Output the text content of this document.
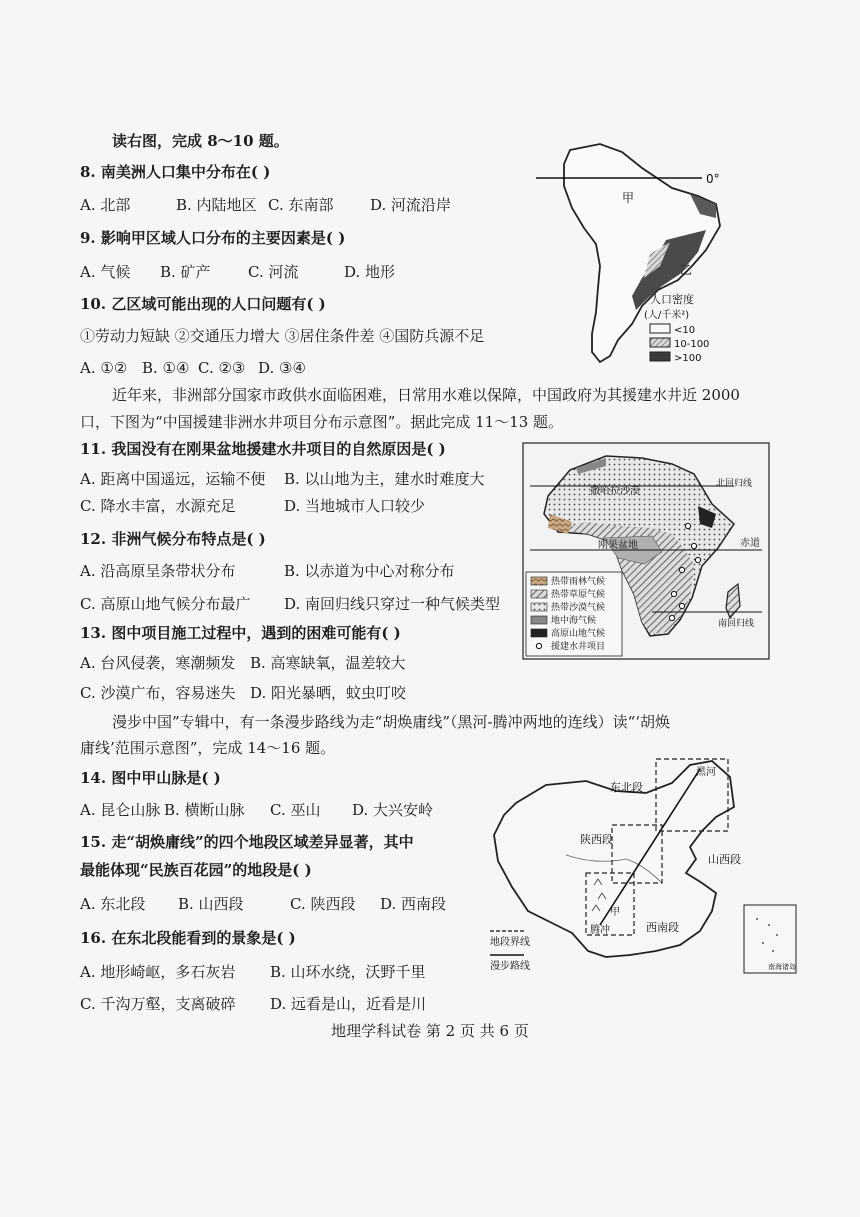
读右图，完成 8～10 题。
8. 南美洲人口集中分布在( )
A. 北部	B. 内陆地区 C. 东南部 D. 河流沿岸
9. 影响甲区域人口分布的主要因素是( )
A. 气候 B. 矿产 C. 河流	D. 地形
10. 乙区域可能出现的人口问题有( )
①劳动力短缺 ②交通压力增大 ③居住条件差 ④国防兵源不足
A. ①② B. ①④ C. ②③ D. ③④
0°
甲
乙
人口密度
(人/千米²)
<10
10-100
>100
近年来，非洲部分国家市政供水面临困难，日常用水难以保障，中国政府为其援建水井近 2000
口，下图为“中国援建非洲水井项目分布示意图”。据此完成 11～13 题。
11. 我国没有在刚果盆地援建水井项目的自然原因是( )
A. 距离中国遥远，运输不便 B. 以山地为主，建水时难度大
C. 降水丰富，水源充足	D. 当地城市人口较少
12. 非洲气候分布特点是( )
A. 沿高原呈条带状分布	B. 以赤道为中心对称分布
C. 高原山地气候分布最广 D. 南回归线只穿过一种气候类型
13. 图中项目施工过程中，遇到的困难可能有( )
A. 台风侵袭，寒潮频发 B. 高寒缺氧，温差较大
C. 沙漠广布，容易迷失 D. 阳光暴晒，蚊虫叮咬
撒哈拉沙漠
北回归线
刚果盆地	赤道
南回归线
热带雨林气候
热带草原气候
热带沙漠气候
地中海气候
高原山地气候
援建水井项目
漫步中国”专辑中，有一条漫步路线为走“胡焕庸线”（黑河-腾冲两地的连线）读“‘胡焕
庸线’范围示意图”，完成 14～16 题。
14. 图中甲山脉是( )
A. 昆仑山脉 B. 横断山脉 C. 巫山 D. 大兴安岭
15. 走“胡焕庸线”的四个地段区域差异显著，其中
最能体现“民族百花园”的地段是( )
A. 东北段 B. 山西段	C. 陕西段 D. 西南段
16. 在东北段能看到的景象是( )
A. 地形崎岖，多石灰岩 B. 山环水绕，沃野千里
C. 千沟万壑，支离破碎 D. 远看是山，近看是川
东北段
黑河
陕西段
山西段
西南段
腾冲
甲
地段界线
漫步路线	南海诸岛
地理学科试卷 第 2 页 共 6 页
